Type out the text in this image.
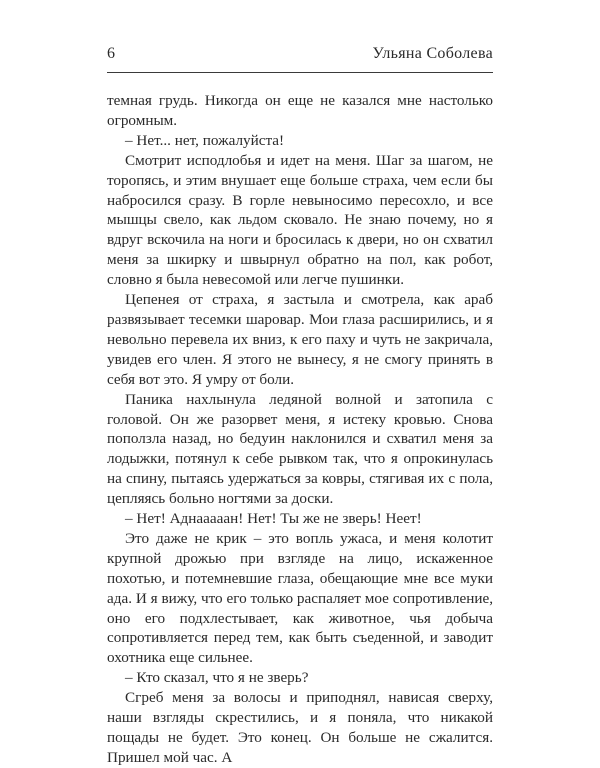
6	Ульяна Соболева

темная грудь. Никогда он еще не казался мне настолько огромным.

– Нет... нет, пожалуйста!

Смотрит исподлобья и идет на меня. Шаг за шагом, не торопясь, и этим внушает еще больше страха, чем если бы набросился сразу. В горле невыносимо пересохло, и все мышцы свело, как льдом сковало. Не знаю почему, но я вдруг вскочила на ноги и бросилась к двери, но он схватил меня за шкирку и швырнул обратно на пол, как робот, словно я была невесомой или легче пушинки.

Цепенея от страха, я застыла и смотрела, как араб развязывает тесемки шаровар. Мои глаза расширились, и я невольно перевела их вниз, к его паху и чуть не закричала, увидев его член. Я этого не вынесу, я не смогу принять в себя вот это. Я умру от боли.

Паника нахлынула ледяной волной и затопила с головой. Он же разорвет меня, я истеку кровью. Снова поползла назад, но бедуин наклонился и схватил меня за лодыжки, потянул к себе рывком так, что я опрокинулась на спину, пытаясь удержаться за ковры, стягивая их с пола, цепляясь больно ногтями за доски.

– Нет! Аднааааан! Нет! Ты же не зверь! Неет!

Это даже не крик – это вопль ужаса, и меня колотит крупной дрожью при взгляде на лицо, искаженное похотью, и потемневшие глаза, обещающие мне все муки ада. И я вижу, что его только распаляет мое сопротивление, оно его подхлестывает, как животное, чья добыча сопротивляется перед тем, как быть съеденной, и заводит охотника еще сильнее.

– Кто сказал, что я не зверь?

Сгреб меня за волосы и приподнял, нависая сверху, наши взгляды скрестились, и я поняла, что никакой пощады не будет. Это конец. Он больше не сжалится. Пришел мой час. А
